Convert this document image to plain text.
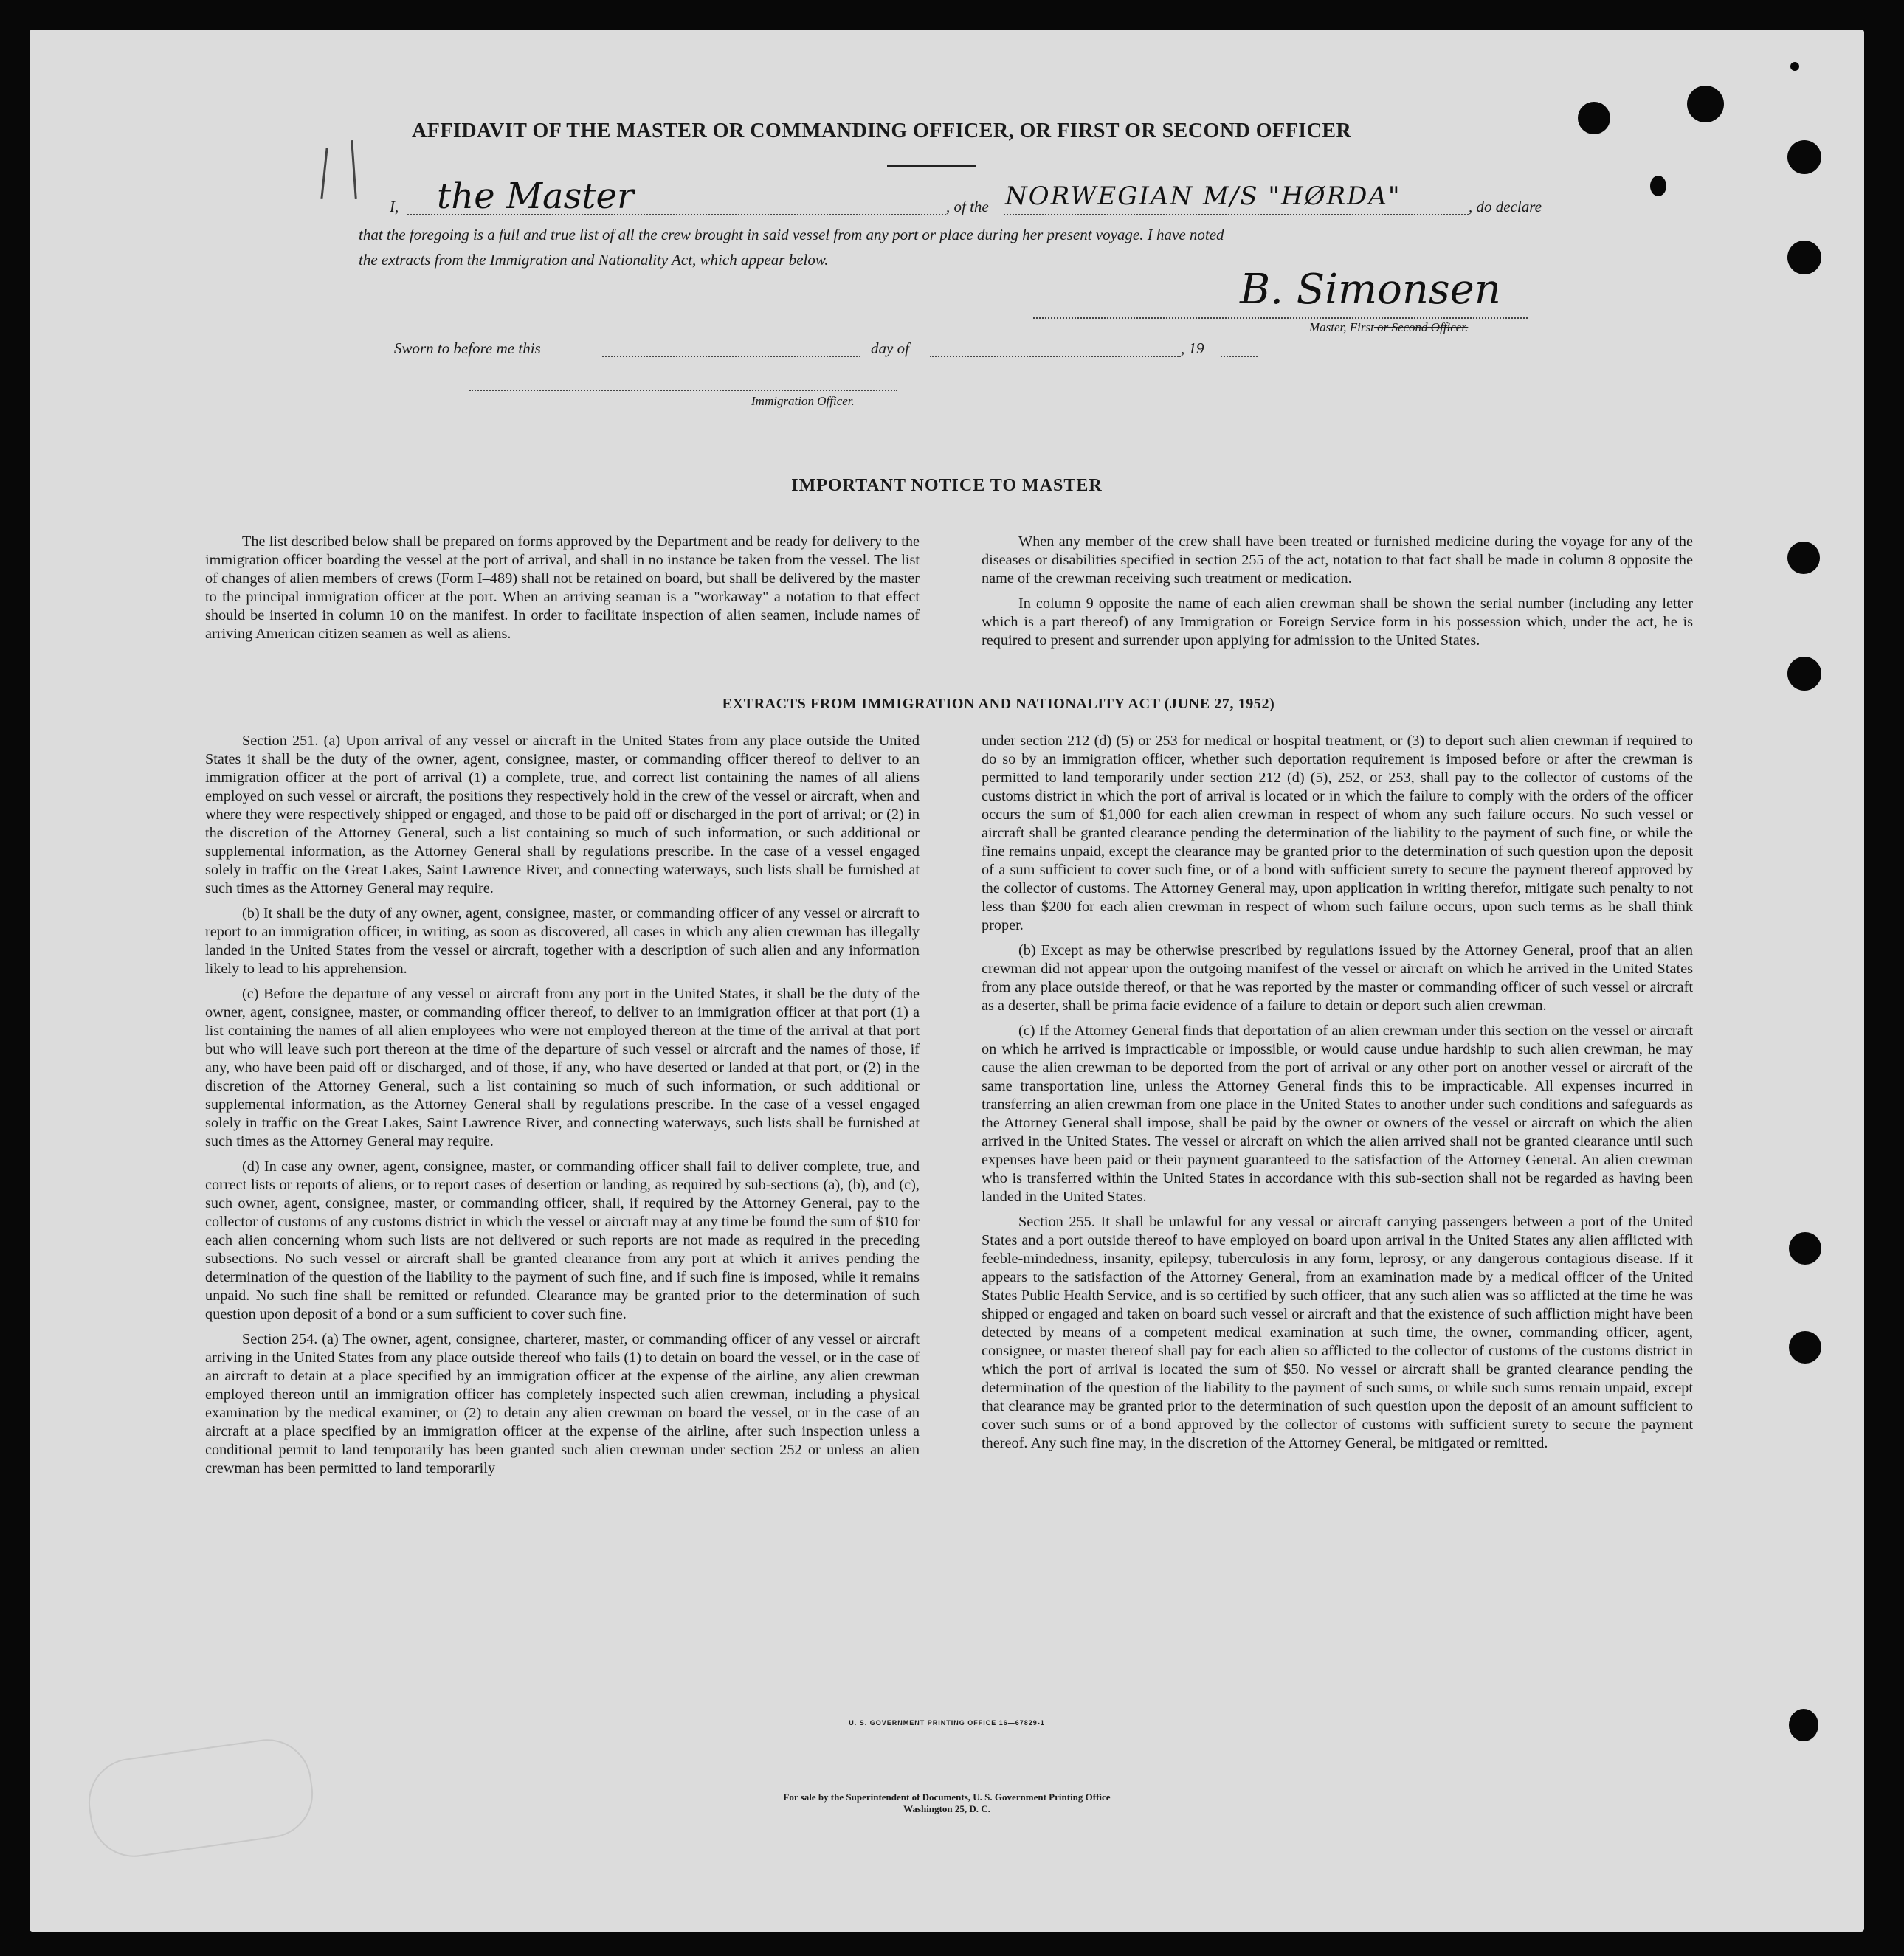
AFFIDAVIT OF THE MASTER OR COMMANDING OFFICER, OR FIRST OR SECOND OFFICER
I, the Master	, of the NORWEGIAN M/S "HØRDA"	, do declare
that the foregoing is a full and true list of all the crew brought in said vessel from any port or place during her present voyage. I have noted
the extracts from the Immigration and Nationality Act, which appear below.
B. Simonsen
Master, First or Second Officer.
Sworn to before me this	day of	, 19
Immigration Officer.
IMPORTANT NOTICE TO MASTER

The list described below shall be prepared on forms approved by the Department and be ready for delivery to the immigration officer boarding the vessel at the port of arrival, and shall in no instance be taken from the vessel. The list of changes of alien members of crews (Form I–489) shall not be retained on board, but shall be delivered by the master to the principal immigration officer at the port. When an arriving seaman is a "workaway" a notation to that effect should be inserted in column 10 on the manifest. In order to facilitate inspection of alien seamen, include names of arriving American citizen seamen as well as aliens.

When any member of the crew shall have been treated or furnished medicine during the voyage for any of the diseases or disabilities specified in section 255 of the act, notation to that fact shall be made in column 8 opposite the name of the crewman receiving such treatment or medication.

In column 9 opposite the name of each alien crewman shall be shown the serial number (including any letter which is a part thereof) of any Immigration or Foreign Service form in his possession which, under the act, he is required to present and surrender upon applying for admission to the United States.

EXTRACTS FROM IMMIGRATION AND NATIONALITY ACT (JUNE 27, 1952)

Section 251. (a) Upon arrival of any vessel or aircraft in the United States from any place outside the United States it shall be the duty of the owner, agent, consignee, master, or commanding officer thereof to deliver to an immigration officer at the port of arrival (1) a complete, true, and correct list containing the names of all aliens employed on such vessel or aircraft, the positions they respectively hold in the crew of the vessel or aircraft, when and where they were respectively shipped or engaged, and those to be paid off or discharged in the port of arrival; or (2) in the discretion of the Attorney General, such a list containing so much of such information, or such additional or supplemental information, as the Attorney General shall by regulations prescribe. In the case of a vessel engaged solely in traffic on the Great Lakes, Saint Lawrence River, and connecting waterways, such lists shall be furnished at such times as the Attorney General may require.

(b) It shall be the duty of any owner, agent, consignee, master, or commanding officer of any vessel or aircraft to report to an immigration officer, in writing, as soon as discovered, all cases in which any alien crewman has illegally landed in the United States from the vessel or aircraft, together with a description of such alien and any information likely to lead to his apprehension.

(c) Before the departure of any vessel or aircraft from any port in the United States, it shall be the duty of the owner, agent, consignee, master, or commanding officer thereof, to deliver to an immigration officer at that port (1) a list containing the names of all alien employees who were not employed thereon at the time of the arrival at that port but who will leave such port thereon at the time of the departure of such vessel or aircraft and the names of those, if any, who have been paid off or discharged, and of those, if any, who have deserted or landed at that port, or (2) in the discretion of the Attorney General, such a list containing so much of such information, or such additional or supplemental information, as the Attorney General shall by regulations prescribe. In the case of a vessel engaged solely in traffic on the Great Lakes, Saint Lawrence River, and connecting waterways, such lists shall be furnished at such times as the Attorney General may require.

(d) In case any owner, agent, consignee, master, or commanding officer shall fail to deliver complete, true, and correct lists or reports of aliens, or to report cases of desertion or landing, as required by sub-sections (a), (b), and (c), such owner, agent, consignee, master, or commanding officer, shall, if required by the Attorney General, pay to the collector of customs of any customs district in which the vessel or aircraft may at any time be found the sum of $10 for each alien concerning whom such lists are not delivered or such reports are not made as required in the preceding subsections. No such vessel or aircraft shall be granted clearance from any port at which it arrives pending the determination of the question of the liability to the payment of such fine, and if such fine is imposed, while it remains unpaid. No such fine shall be remitted or refunded. Clearance may be granted prior to the determination of such question upon deposit of a bond or a sum sufficient to cover such fine.

Section 254. (a) The owner, agent, consignee, charterer, master, or commanding officer of any vessel or aircraft arriving in the United States from any place outside thereof who fails (1) to detain on board the vessel, or in the case of an aircraft to detain at a place specified by an immigration officer at the expense of the airline, any alien crewman employed thereon until an immigration officer has completely inspected such alien crewman, including a physical examination by the medical examiner, or (2) to detain any alien crewman on board the vessel, or in the case of an aircraft at a place specified by an immigration officer at the expense of the airline, after such inspection unless a conditional permit to land temporarily has been granted such alien crewman under section 252 or unless an alien crewman has been permitted to land temporarily

under section 212 (d) (5) or 253 for medical or hospital treatment, or (3) to deport such alien crewman if required to do so by an immigration officer, whether such deportation requirement is imposed before or after the crewman is permitted to land temporarily under section 212 (d) (5), 252, or 253, shall pay to the collector of customs of the customs district in which the port of arrival is located or in which the failure to comply with the orders of the officer occurs the sum of $1,000 for each alien crewman in respect of whom any such failure occurs. No such vessel or aircraft shall be granted clearance pending the determination of the liability to the payment of such fine, or while the fine remains unpaid, except the clearance may be granted prior to the determination of such question upon the deposit of a sum sufficient to cover such fine, or of a bond with sufficient surety to secure the payment thereof approved by the collector of customs. The Attorney General may, upon application in writing therefor, mitigate such penalty to not less than $200 for each alien crewman in respect of whom such failure occurs, upon such terms as he shall think proper.

(b) Except as may be otherwise prescribed by regulations issued by the Attorney General, proof that an alien crewman did not appear upon the outgoing manifest of the vessel or aircraft on which he arrived in the United States from any place outside thereof, or that he was reported by the master or commanding officer of such vessel or aircraft as a deserter, shall be prima facie evidence of a failure to detain or deport such alien crewman.

(c) If the Attorney General finds that deportation of an alien crewman under this section on the vessel or aircraft on which he arrived is impracticable or impossible, or would cause undue hardship to such alien crewman, he may cause the alien crewman to be deported from the port of arrival or any other port on another vessel or aircraft of the same transportation line, unless the Attorney General finds this to be impracticable. All expenses incurred in transferring an alien crewman from one place in the United States to another under such conditions and safeguards as the Attorney General shall impose, shall be paid by the owner or owners of the vessel or aircraft on which the alien arrived in the United States. The vessel or aircraft on which the alien arrived shall not be granted clearance until such expenses have been paid or their payment guaranteed to the satisfaction of the Attorney General. An alien crewman who is transferred within the United States in accordance with this sub-section shall not be regarded as having been landed in the United States.

Section 255. It shall be unlawful for any vessal or aircraft carrying passengers between a port of the United States and a port outside thereof to have employed on board upon arrival in the United States any alien afflicted with feeble-mindedness, insanity, epilepsy, tuberculosis in any form, leprosy, or any dangerous contagious disease. If it appears to the satisfaction of the Attorney General, from an examination made by a medical officer of the United States Public Health Service, and is so certified by such officer, that any such alien was so afflicted at the time he was shipped or engaged and taken on board such vessel or aircraft and that the existence of such affliction might have been detected by means of a competent medical examination at such time, the owner, commanding officer, agent, consignee, or master thereof shall pay for each alien so afflicted to the collector of customs of the customs district in which the port of arrival is located the sum of $50. No vessel or aircraft shall be granted clearance pending the determination of the question of the liability to the payment of such sums, or while such sums remain unpaid, except that clearance may be granted prior to the determination of such question upon the deposit of an amount sufficient to cover such sums or of a bond approved by the collector of customs with sufficient surety to secure the payment thereof. Any such fine may, in the discretion of the Attorney General, be mitigated or remitted.

U. S. GOVERNMENT PRINTING OFFICE 16—67829-1
For sale by the Superintendent of Documents, U. S. Government Printing Office
Washington 25, D. C.
